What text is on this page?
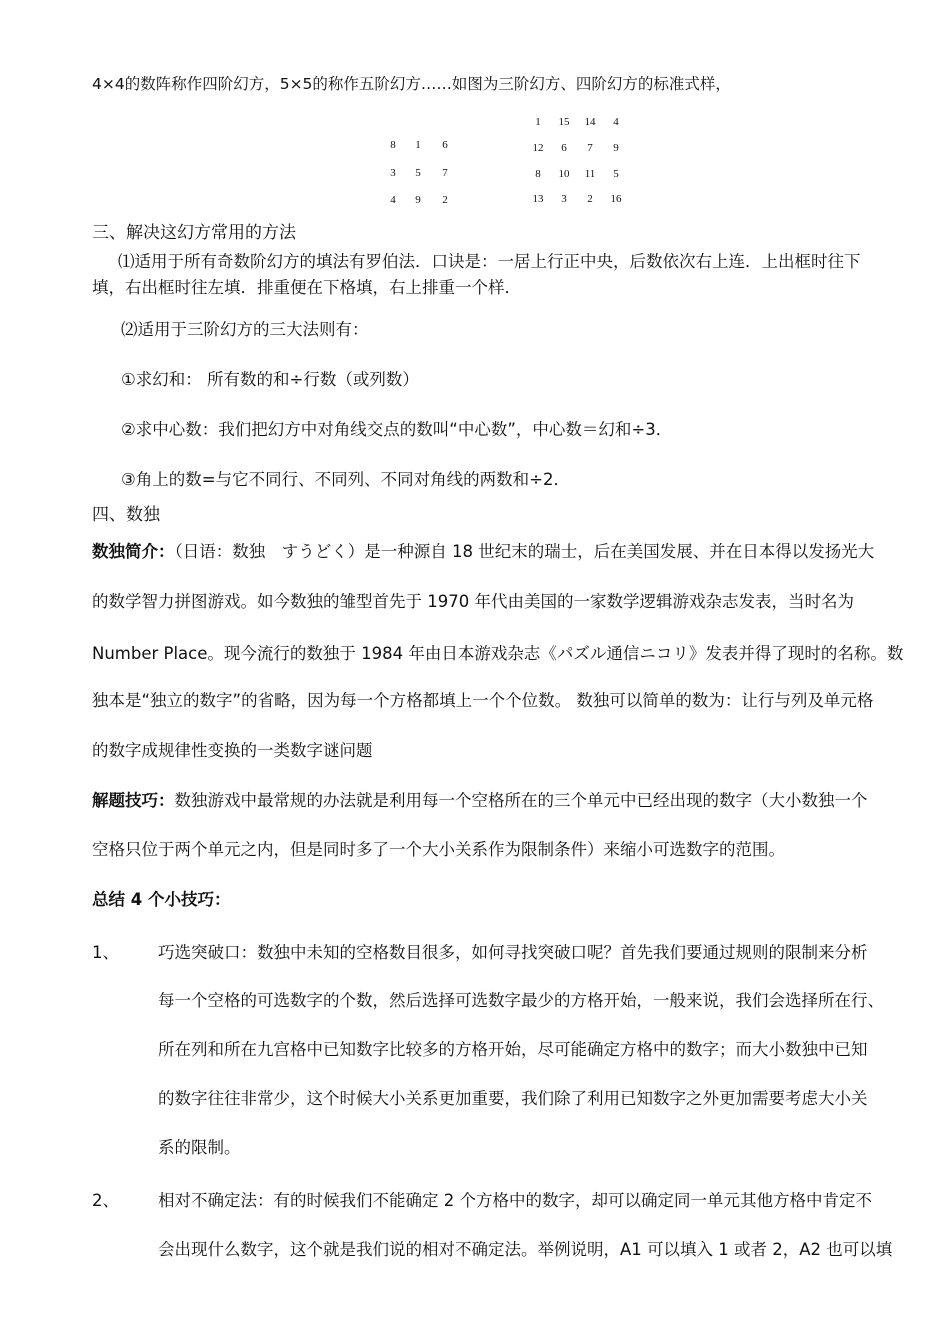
4×4的数阵称作四阶幻方，5×5的称作五阶幻方……如图为三阶幻方、四阶幻方的标准式样，
8	1	6
3	5	7
4	9	2
1	15	14	4
12	6	7	9
8	10	11	5
13	3	2	16
三、解决这幻方常用的方法
⑴适用于所有奇数阶幻方的填法有罗伯法．口诀是：一居上行正中央，后数依次右上连．上出框时往下
填，右出框时往左填．排重便在下格填，右上排重一个样．
⑵适用于三阶幻方的三大法则有：
①求幻和： 所有数的和÷行数（或列数）
②求中心数：我们把幻方中对角线交点的数叫“中心数”，中心数＝幻和÷3．
③角上的数=与它不同行、不同列、不同对角线的两数和÷2．
四、数独
数独简介：（日语：数独　すうどく）是一种源自 18 世纪末的瑞士，后在美国发展、并在日本得以发扬光大
的数学智力拼图游戏。如今数独的雏型首先于 1970 年代由美国的一家数学逻辑游戏杂志发表，当时名为
Number Place。现今流行的数独于 1984 年由日本游戏杂志《パズル通信ニコリ》发表并得了现时的名称。数
独本是“独立的数字”的省略，因为每一个方格都填上一个个位数。 数独可以简单的数为：让行与列及单元格
的数字成规律性变换的一类数字谜问题
解题技巧：数独游戏中最常规的办法就是利用每一个空格所在的三个单元中已经出现的数字（大小数独一个
空格只位于两个单元之内，但是同时多了一个大小关系作为限制条件）来缩小可选数字的范围。
总结 4 个小技巧：
1、 巧选突破口：数独中未知的空格数目很多，如何寻找突破口呢？首先我们要通过规则的限制来分析
每一个空格的可选数字的个数，然后选择可选数字最少的方格开始，一般来说，我们会选择所在行、
所在列和所在九宫格中已知数字比较多的方格开始，尽可能确定方格中的数字；而大小数独中已知
的数字往往非常少，这个时候大小关系更加重要，我们除了利用已知数字之外更加需要考虑大小关
系的限制。
2、 相对不确定法：有的时候我们不能确定 2 个方格中的数字，却可以确定同一单元其他方格中肯定不
会出现什么数字，这个就是我们说的相对不确定法。举例说明，A1 可以填入 1 或者 2，A2 也可以填
